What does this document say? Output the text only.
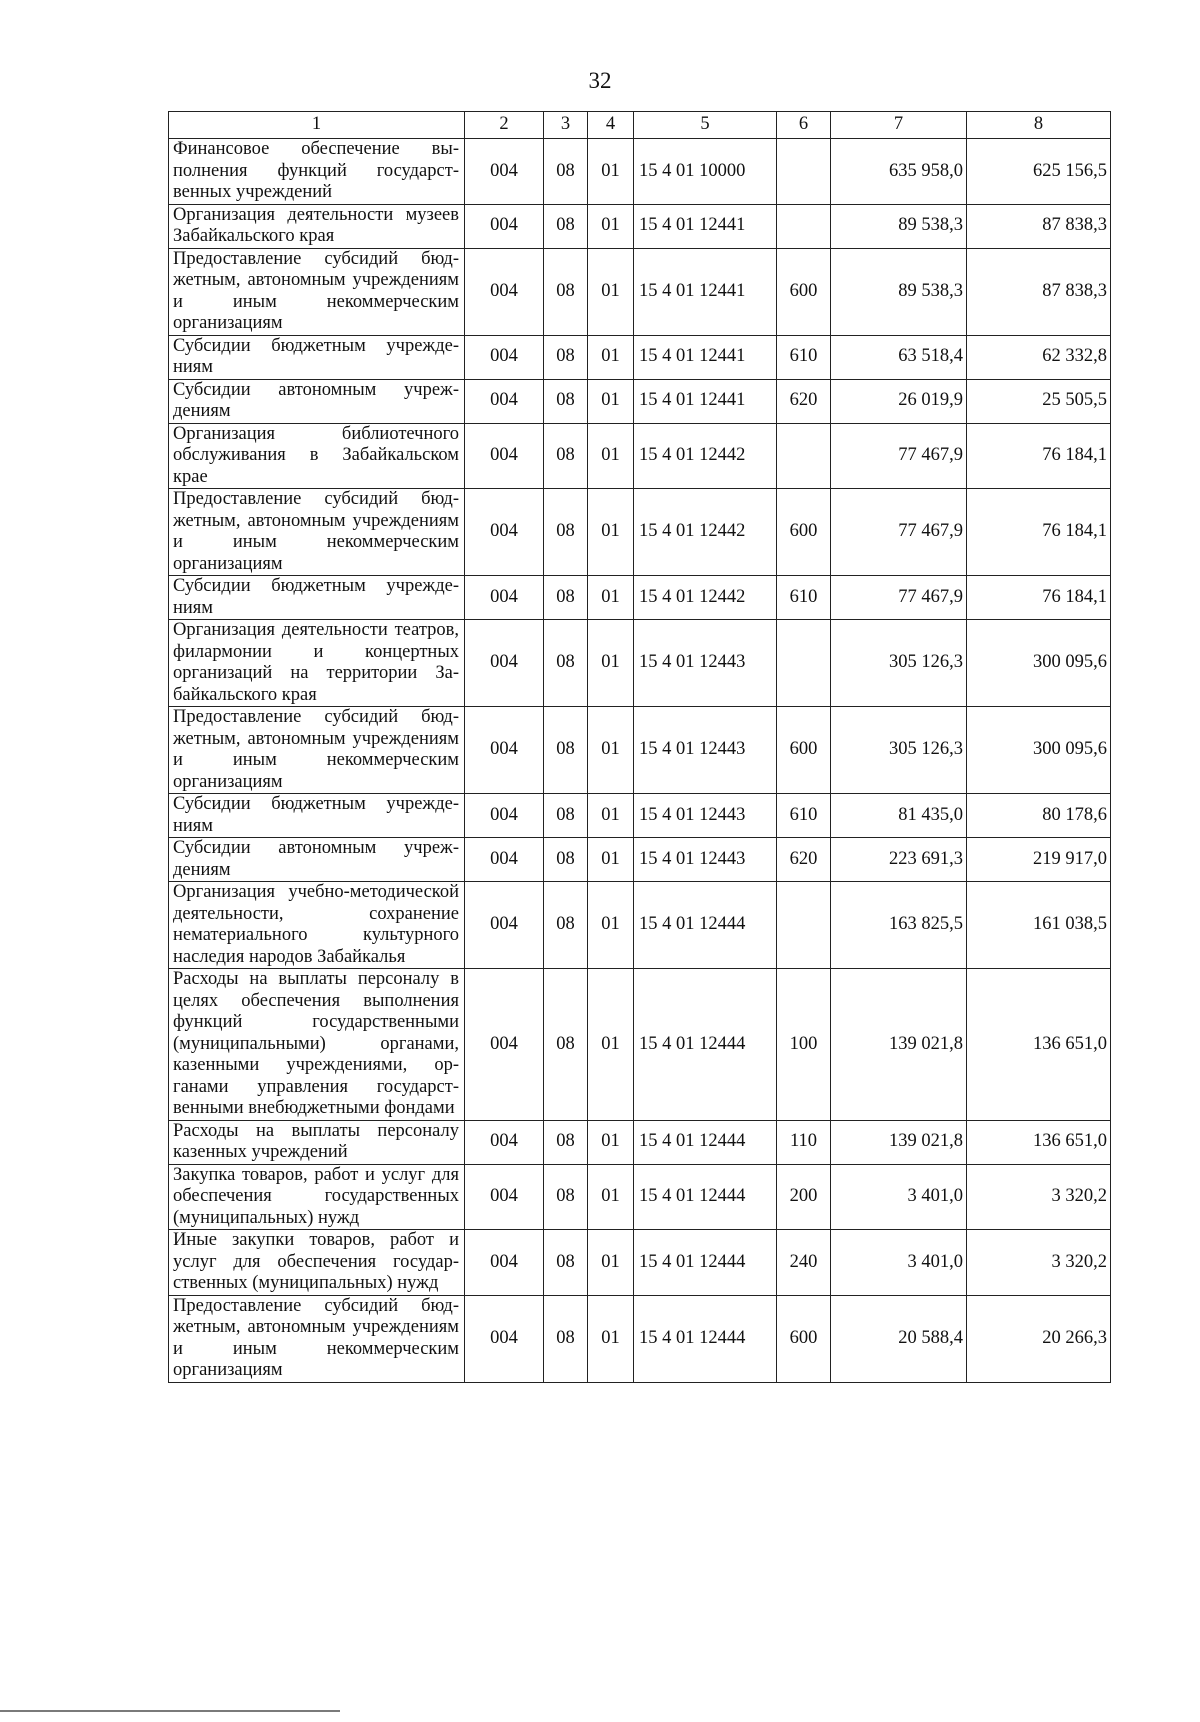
32
1	2	3	4	5	6	7	8
Финансовое обеспечение выполнения функций государственных учреждений	004	08	01	15 4 01 10000		635 958,0	625 156,5
Организация деятельности музеев Забайкальского края	004	08	01	15 4 01 12441		89 538,3	87 838,3
Предоставление субсидий бюджетным, автономным учреждениям и иным некоммерческим организациям	004	08	01	15 4 01 12441	600	89 538,3	87 838,3
Субсидии бюджетным учреждениям	004	08	01	15 4 01 12441	610	63 518,4	62 332,8
Субсидии автономным учреждениям	004	08	01	15 4 01 12441	620	26 019,9	25 505,5
Организация библиотечного обслуживания в Забайкальском крае	004	08	01	15 4 01 12442		77 467,9	76 184,1
Предоставление субсидий бюджетным, автономным учреждениям и иным некоммерческим организациям	004	08	01	15 4 01 12442	600	77 467,9	76 184,1
Субсидии бюджетным учреждениям	004	08	01	15 4 01 12442	610	77 467,9	76 184,1
Организация деятельности театров, филармонии и концертных организаций на территории Забайкальского края	004	08	01	15 4 01 12443		305 126,3	300 095,6
Предоставление субсидий бюджетным, автономным учреждениям и иным некоммерческим организациям	004	08	01	15 4 01 12443	600	305 126,3	300 095,6
Субсидии бюджетным учреждениям	004	08	01	15 4 01 12443	610	81 435,0	80 178,6
Субсидии автономным учреждениям	004	08	01	15 4 01 12443	620	223 691,3	219 917,0
Организация учебно-методической деятельности, сохранение нематериального культурного наследия народов Забайкалья	004	08	01	15 4 01 12444		163 825,5	161 038,5
Расходы на выплаты персоналу в целях обеспечения выполнения функций государственными (муниципальными) органами, казенными учреждениями, органами управления государственными внебюджетными фондами	004	08	01	15 4 01 12444	100	139 021,8	136 651,0
Расходы на выплаты персоналу казенных учреждений	004	08	01	15 4 01 12444	110	139 021,8	136 651,0
Закупка товаров, работ и услуг для обеспечения государственных (муниципальных) нужд	004	08	01	15 4 01 12444	200	3 401,0	3 320,2
Иные закупки товаров, работ и услуг для обеспечения государственных (муниципальных) нужд	004	08	01	15 4 01 12444	240	3 401,0	3 320,2
Предоставление субсидий бюджетным, автономным учреждениям и иным некоммерческим организациям	004	08	01	15 4 01 12444	600	20 588,4	20 266,3
